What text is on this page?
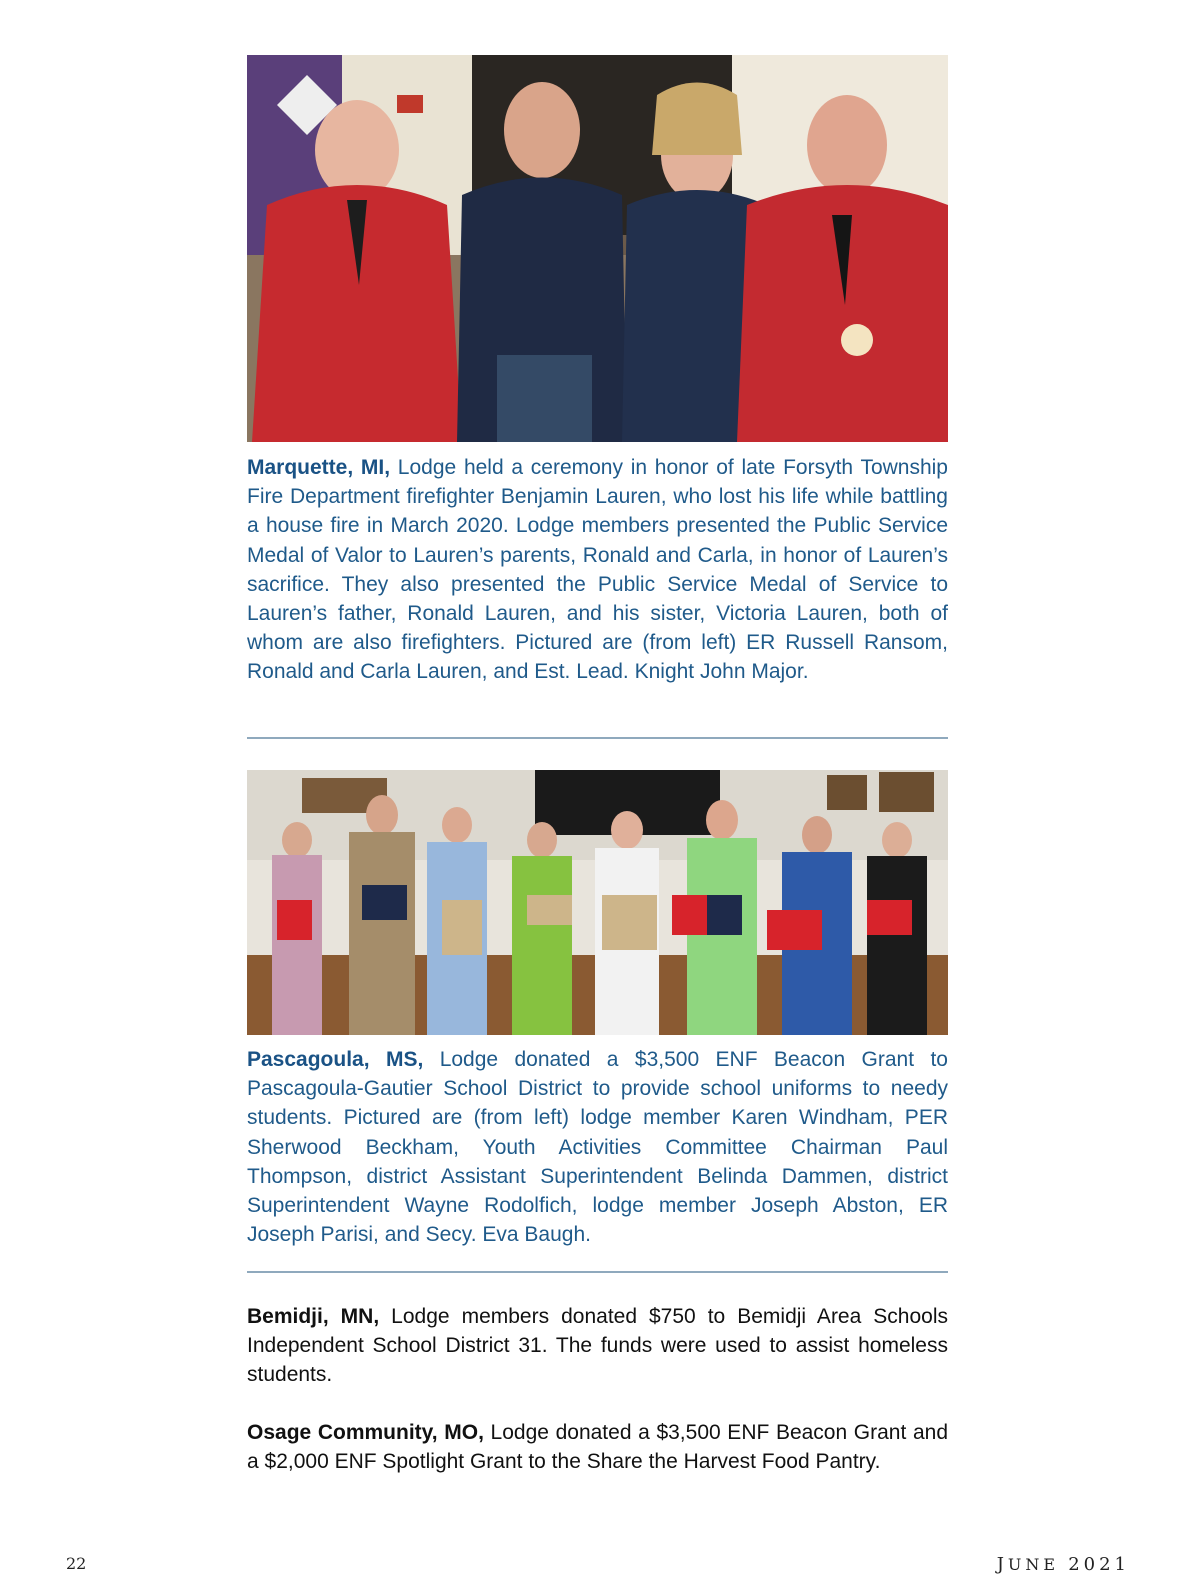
Marquette, MI, Lodge held a ceremony in honor of late Forsyth Township Fire Department firefighter Benjamin Lauren, who lost his life while battling a house fire in March 2020. Lodge members presented the Public Service Medal of Valor to Lauren’s parents, Ronald and Carla, in honor of Lauren’s sacrifice. They also presented the Public Service Medal of Service to Lauren’s father, Ronald Lauren, and his sister, Victoria Lauren, both of whom are also firefighters. Pictured are (from left) ER Russell Ransom, Ronald and Carla Lauren, and Est. Lead. Knight John Major.

Pascagoula, MS, Lodge donated a $3,500 ENF Beacon Grant to Pascagoula-Gautier School District to provide school uniforms to needy students. Pictured are (from left) lodge member Karen Windham, PER Sherwood Beckham, Youth Activities Committee Chairman Paul Thompson, district Assistant Superintendent Belinda Dammen, district Superintendent Wayne Rodolfich, lodge member Joseph Abston, ER Joseph Parisi, and Secy. Eva Baugh.

Bemidji, MN, Lodge members donated $750 to Bemidji Area Schools Independent School District 31. The funds were used to assist homeless students.

Osage Community, MO, Lodge donated a $3,500 ENF Beacon Grant and a $2,000 ENF Spotlight Grant to the Share the Harvest Food Pantry.

22	JUNE 2021
